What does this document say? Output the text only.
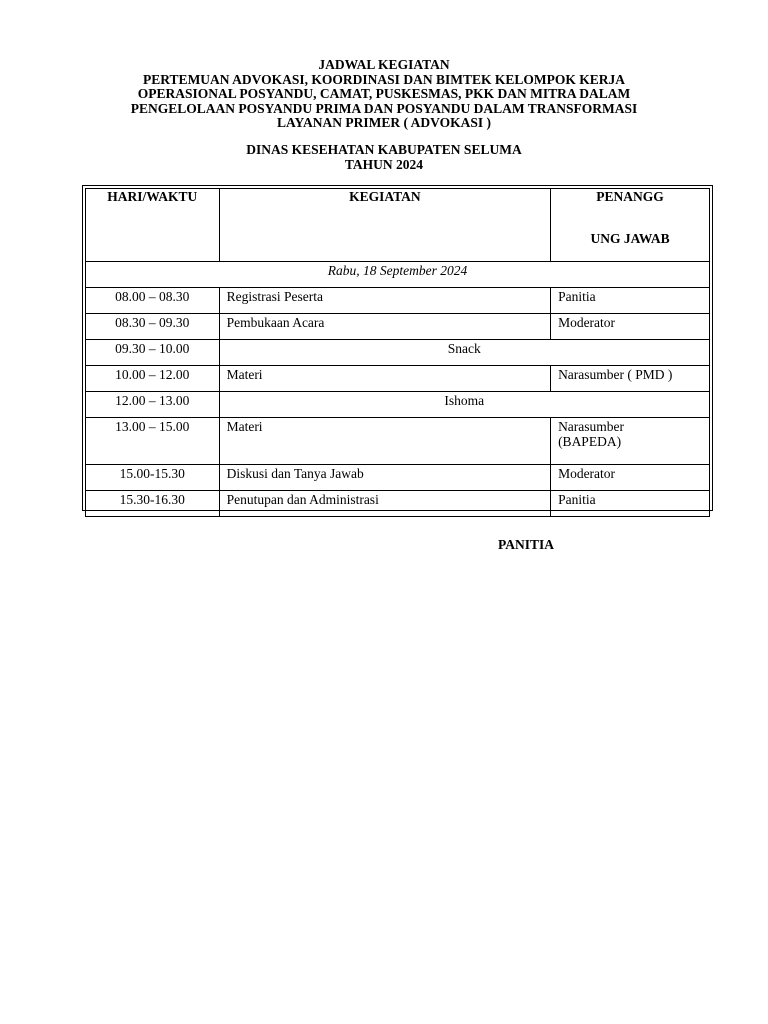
JADWAL KEGIATAN
PERTEMUAN ADVOKASI, KOORDINASI DAN BIMTEK KELOMPOK KERJA
OPERASIONAL POSYANDU, CAMAT, PUSKESMAS, PKK DAN MITRA DALAM
PENGELOLAAN POSYANDU PRIMA DAN POSYANDU DALAM TRANSFORMASI
LAYANAN PRIMER ( ADVOKASI )
DINAS KESEHATAN KABUPATEN SELUMA
TAHUN 2024
HARI/WAKTU	KEGIATAN	PENANGG
UNG JAWAB

Rabu, 18 September 2024		
08.00 – 08.30	Registrasi Peserta	Panitia
08.30 – 09.30	Pembukaan Acara	Moderator
09.30 – 10.00	Snack	
10.00 – 12.00	Materi	Narasumber ( PMD )
12.00 – 13.00	Ishoma	
13.00 – 15.00	Materi	Narasumber
(BAPEDA)

15.00-15.30	Diskusi dan Tanya Jawab	Moderator
15.30-16.30	Penutupan dan Administrasi	Panitia
PANITIA
